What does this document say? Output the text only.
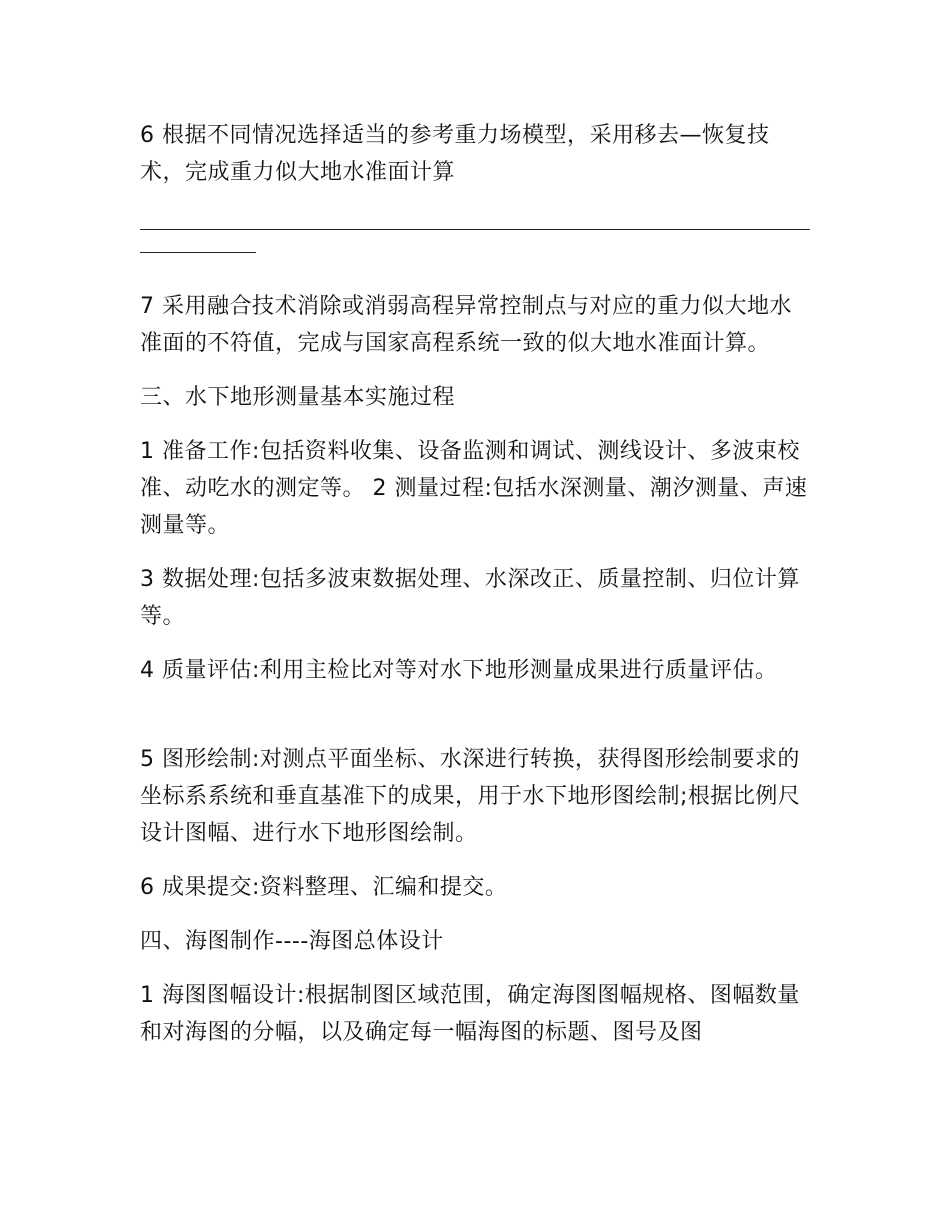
6 根据不同情况选择适当的参考重力场模型，采用移去—恢复技术，完成重力似大地水准面计算

7 采用融合技术消除或消弱高程异常控制点与对应的重力似大地水准面的不符值，完成与国家高程系统一致的似大地水准面计算。

三、水下地形测量基本实施过程

1 准备工作:包括资料收集、设备监测和调试、测线设计、多波束校准、动吃水的测定等。 2 测量过程:包括水深测量、潮汐测量、声速测量等。

3 数据处理:包括多波束数据处理、水深改正、质量控制、归位计算等。

4 质量评估:利用主检比对等对水下地形测量成果进行质量评估。

5 图形绘制:对测点平面坐标、水深进行转换，获得图形绘制要求的坐标系系统和垂直基准下的成果，用于水下地形图绘制;根据比例尺设计图幅、进行水下地形图绘制。

6 成果提交:资料整理、汇编和提交。

四、海图制作----海图总体设计

1 海图图幅设计:根据制图区域范围，确定海图图幅规格、图幅数量和对海图的分幅，以及确定每一幅海图的标题、图号及图
